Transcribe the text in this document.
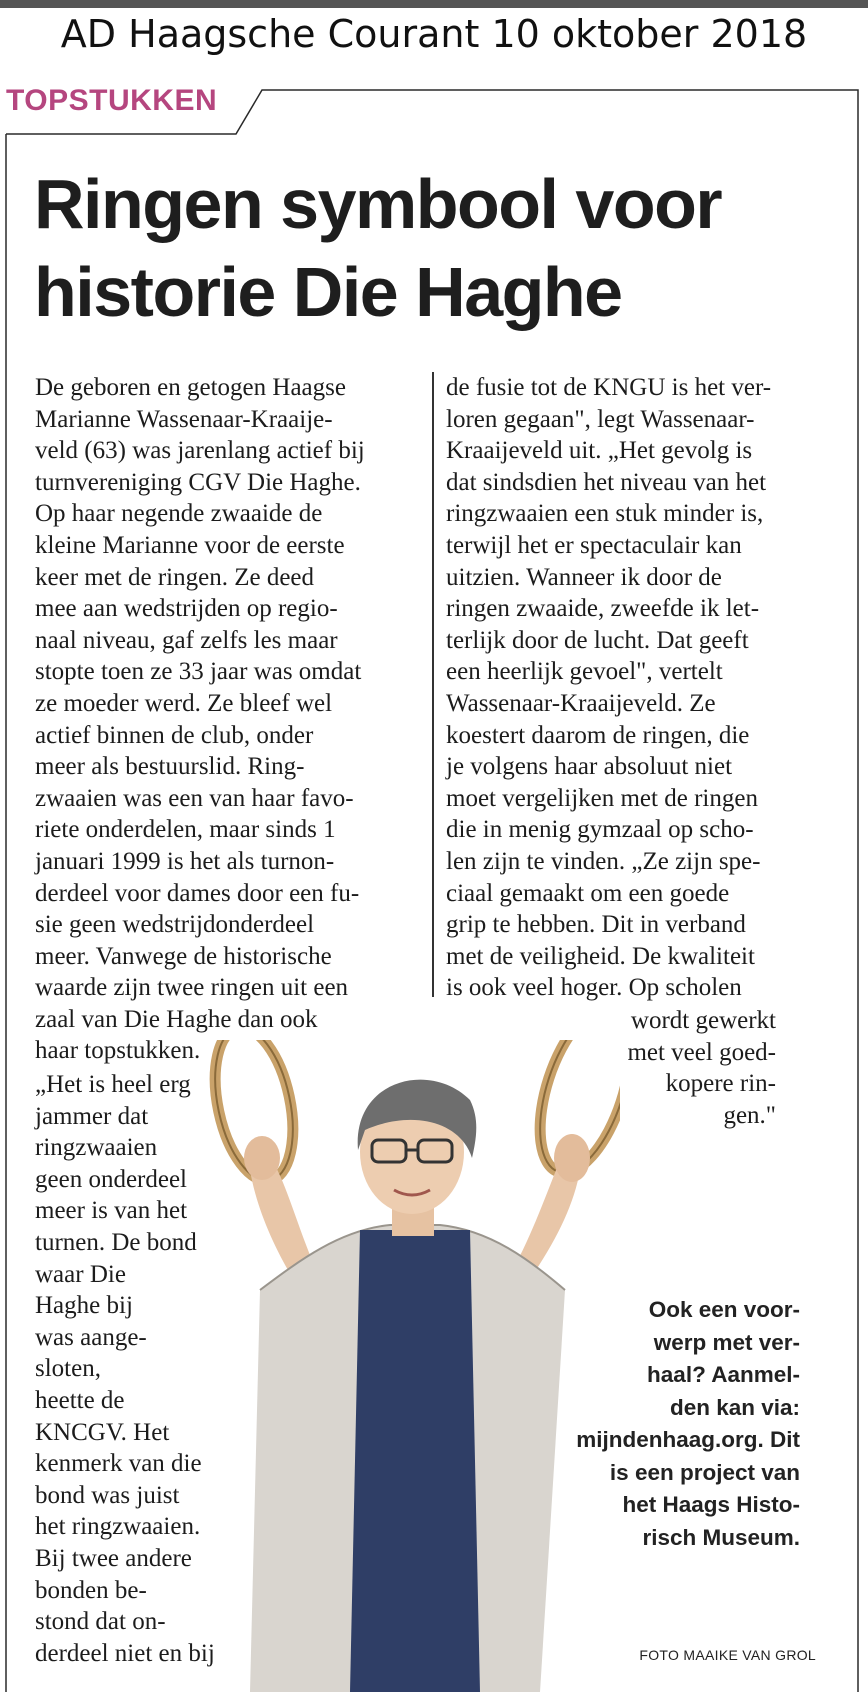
AD Haagsche Courant 10 oktober 2018
TOPSTUKKEN
Ringen symbool voor historie Die Haghe
De geboren en getogen Haagse
Marianne Wassenaar-Kraaije-
veld (63) was jarenlang actief bij
turnvereniging CGV Die Haghe.
Op haar negende zwaaide de
kleine Marianne voor de eerste
keer met de ringen. Ze deed
mee aan wedstrijden op regio-
naal niveau, gaf zelfs les maar
stopte toen ze 33 jaar was omdat
ze moeder werd. Ze bleef wel
actief binnen de club, onder
meer als bestuurslid. Ring-
zwaaien was een van haar favo-
riete onderdelen, maar sinds 1
januari 1999 is het als turnon-
derdeel voor dames door een fu-
sie geen wedstrijdonderdeel
meer. Vanwege de historische
waarde zijn twee ringen uit een
zaal van Die Haghe dan ook
haar topstukken.
de fusie tot de KNGU is het ver-
loren gegaan", legt Wassenaar-
Kraaijeveld uit. „Het gevolg is
dat sindsdien het niveau van het
ringzwaaien een stuk minder is,
terwijl het er spectaculair kan
uitzien. Wanneer ik door de
ringen zwaaide, zweefde ik let-
terlijk door de lucht. Dat geeft
een heerlijk gevoel", vertelt
Wassenaar-Kraaijeveld. Ze
koestert daarom de ringen, die
je volgens haar absoluut niet
moet vergelijken met de ringen
die in menig gymzaal op scho-
len zijn te vinden. „Ze zijn spe-
ciaal gemaakt om een goede
grip te hebben. Dit in verband
met de veiligheid. De kwaliteit
is ook veel hoger. Op scholen
„Het is heel erg
jammer dat
ringzwaaien
geen onderdeel
meer is van het
turnen. De bond
waar Die
Haghe bij
was aange-
sloten,
heette de
KNCGV. Het
kenmerk van die
bond was juist
het ringzwaaien.
Bij twee andere
bonden be-
stond dat on-
derdeel niet en bij
wordt gewerkt
met veel goed-
kopere rin-
gen."
Ook een voor-
werp met ver-
haal? Aanmel-
den kan via:
mijndenhaag.org. Dit
is een project van
het Haags Histo-
risch Museum.
FOTO MAAIKE VAN GROL
